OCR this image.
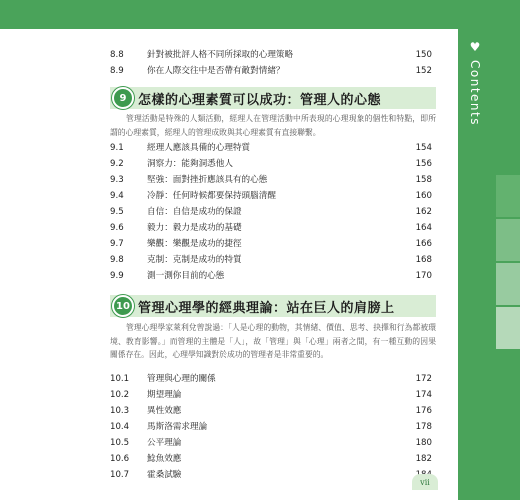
♥
Contents
8.8	針對被批評人格不同所採取的心理策略	150
8.9	你在人際交往中是否帶有敵對情緒？	152
9 怎樣的心理素質可以成功：管理人的心態
管理活動是特殊的人類活動，經理人在管理活動中所表現的心理現象的個性和特點，即所謂的心理素質，經理人的管理成敗與其心理素質有直接聯繫。
9.1	經理人應該具備的心理特質	154
9.2	洞察力：能夠洞悉他人	156
9.3	堅強：面對挫折應該具有的心態	158
9.4	冷靜：任何時候都要保持頭腦清醒	160
9.5	自信：自信是成功的保證	162
9.6	毅力：毅力是成功的基礎	164
9.7	樂觀：樂觀是成功的捷徑	166
9.8	克制：克制是成功的特質	168
9.9	測一測你目前的心態	170
10 管理心理學的經典理論：站在巨人的肩膀上
管理心理學家萊利兌曾說過：「人是心理的動物，其情緒、價值、思考、抉擇和行為都被環境、教育影響。」而管理的主體是「人」，故「管理」與「心理」兩者之間，有一種互動的因果關係存在。因此，心理學知識對於成功的管理者是非常重要的。
10.1	管理與心理的關係	172
10.2	期望理論	174
10.3	異性效應	176
10.4	馬斯洛需求理論	178
10.5	公平理論	180
10.6	鯰魚效應	182
10.7	霍桑試驗
vii
